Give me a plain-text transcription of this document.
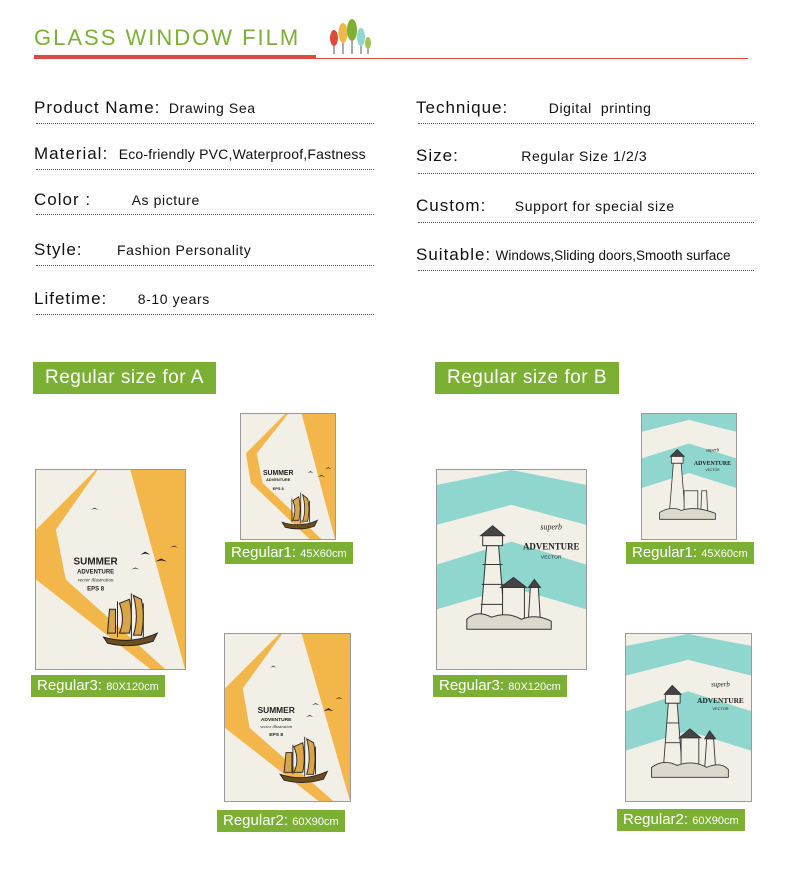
GLASS WINDOW FILM
Product Name: Drawing Sea
Material: Eco-friendly PVC,Waterproof,Fastness
Color :	As picture
Style: Fashion Personality
Lifetime: 8-10 years
Technique:	Digital  printing
Size:	Regular Size 1/2/3
Custom: Support for special size
Suitable: Windows,Sliding doors,Smooth surface
Regular size for A	Regular size for B
SUMMER
ADVENTURE
vector illustration
EPS 8
SUMMER
ADVENTURE
EPS 8
SUMMER
ADVENTURE
vector illustration
EPS 8
Regular3: 80X120cm
Regular1: 45X60cm
Regular2: 60X90cm
superb
ADVENTURE
VECTOR
superb
ADVENTURE
VECTOR
superb
ADVENTURE
VECTOR
Regular3: 80X120cm
Regular1: 45X60cm
Regular2: 60X90cm
